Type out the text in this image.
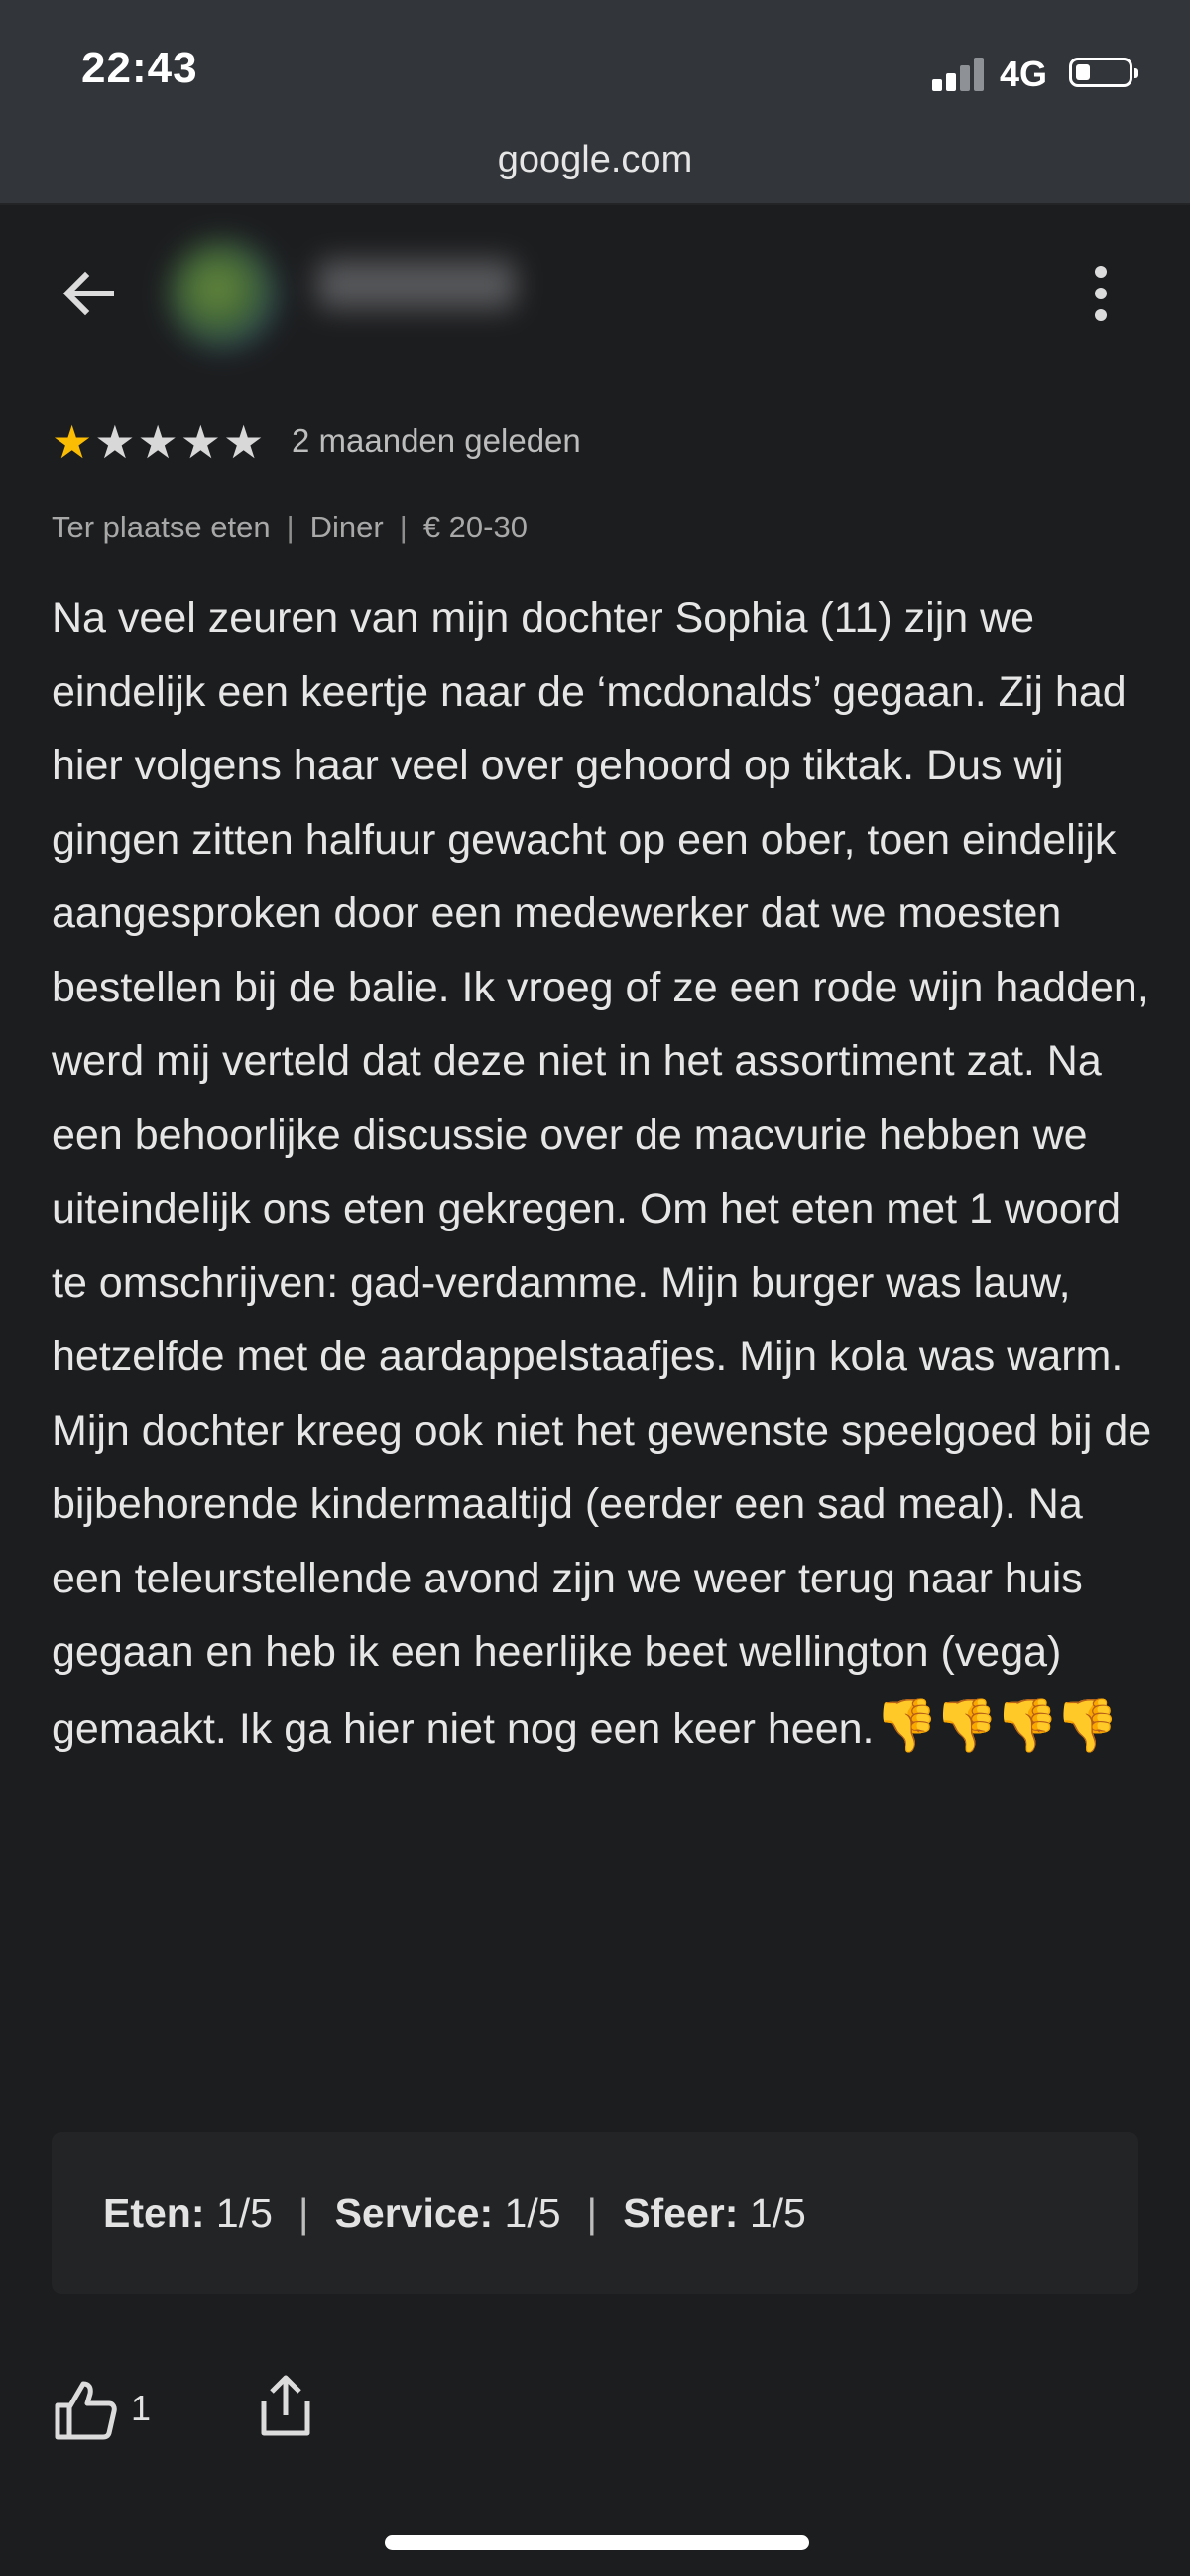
22:43	4G
google.com
★ ★ ★ ★ ★ 2 maanden geleden
Ter plaatse eten | Diner | € 20-30
Na veel zeuren van mijn dochter Sophia (11) zijn we eindelijk een keertje naar de ‘mcdonalds’ gegaan. Zij had hier volgens haar veel over gehoord op tiktak. Dus wij gingen zitten halfuur gewacht op een ober, toen eindelijk aangesproken door een medewerker dat we moesten bestellen bij de balie. Ik vroeg of ze een rode wijn hadden, werd mij verteld dat deze niet in het assortiment zat. Na een behoorlijke discussie over de macvurie hebben we uiteindelijk ons eten gekregen. Om het eten met 1 woord te omschrijven: gad-verdamme. Mijn burger was lauw, hetzelfde met de aardappelstaafjes. Mijn kola was warm. Mijn dochter kreeg ook niet het gewenste speelgoed bij de bijbehorende kindermaaltijd (eerder een sad meal). Na een teleurstellende avond zijn we weer terug naar huis gegaan en heb ik een heerlijke beet wellington (vega) gemaakt. Ik ga hier niet nog een keer heen.👎👎👎👎
Eten:
1/5 | Service:
1/5 | Sfeer:
1/5
1
